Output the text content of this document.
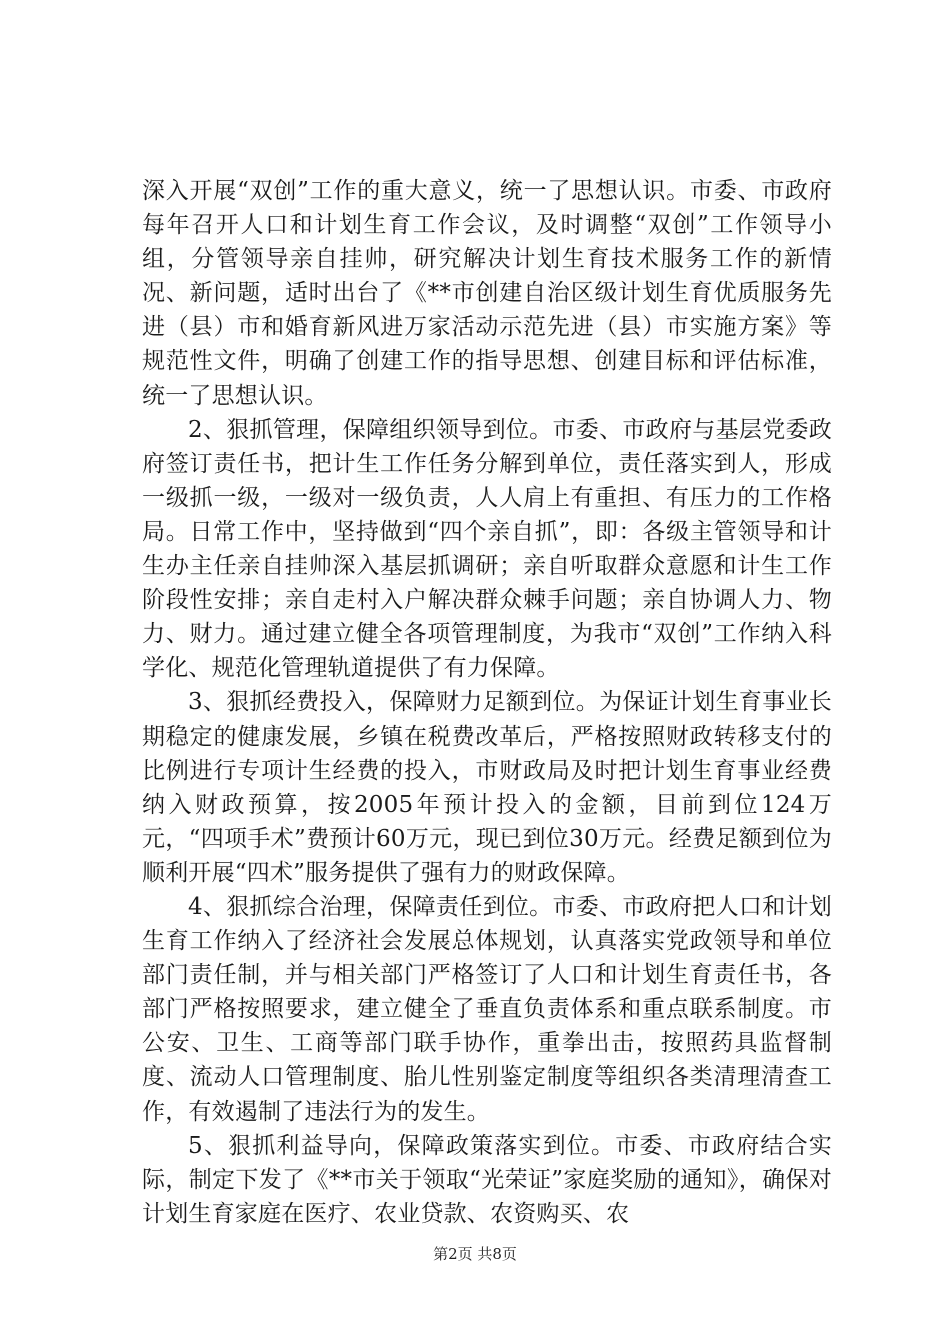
深入开展“双创”工作的重大意义，统一了思想认识。市委、市政府每年召开人口和计划生育工作会议，及时调整“双创”工作领导小组，分管领导亲自挂帅，研究解决计划生育技术服务工作的新情况、新问题，适时出台了《**市创建自治区级计划生育优质服务先进（县）市和婚育新风进万家活动示范先进（县）市实施方案》等规范性文件，明确了创建工作的指导思想、创建目标和评估标准，统一了思想认识。

2、狠抓管理，保障组织领导到位。市委、市政府与基层党委政府签订责任书，把计生工作任务分解到单位，责任落实到人，形成一级抓一级，一级对一级负责，人人肩上有重担、有压力的工作格局。日常工作中，坚持做到“四个亲自抓”，即：各级主管领导和计生办主任亲自挂帅深入基层抓调研；亲自听取群众意愿和计生工作阶段性安排；亲自走村入户解决群众棘手问题；亲自协调人力、物力、财力。通过建立健全各项管理制度，为我市“双创”工作纳入科学化、规范化管理轨道提供了有力保障。

3、狠抓经费投入，保障财力足额到位。为保证计划生育事业长期稳定的健康发展，乡镇在税费改革后，严格按照财政转移支付的比例进行专项计生经费的投入，市财政局及时把计划生育事业经费纳入财政预算，按2005年预计投入的金额，目前到位124万元，“四项手术”费预计60万元，现已到位30万元。经费足额到位为顺利开展“四术”服务提供了强有力的财政保障。

4、狠抓综合治理，保障责任到位。市委、市政府把人口和计划生育工作纳入了经济社会发展总体规划，认真落实党政领导和单位部门责任制，并与相关部门严格签订了人口和计划生育责任书，各部门严格按照要求，建立健全了垂直负责体系和重点联系制度。市公安、卫生、工商等部门联手协作，重拳出击，按照药具监督制度、流动人口管理制度、胎儿性别鉴定制度等组织各类清理清查工作，有效遏制了违法行为的发生。

5、狠抓利益导向，保障政策落实到位。市委、市政府结合实际，制定下发了《**市关于领取“光荣证”家庭奖励的通知》，确保对计划生育家庭在医疗、农业贷款、农资购买、农

第2页 共8页
